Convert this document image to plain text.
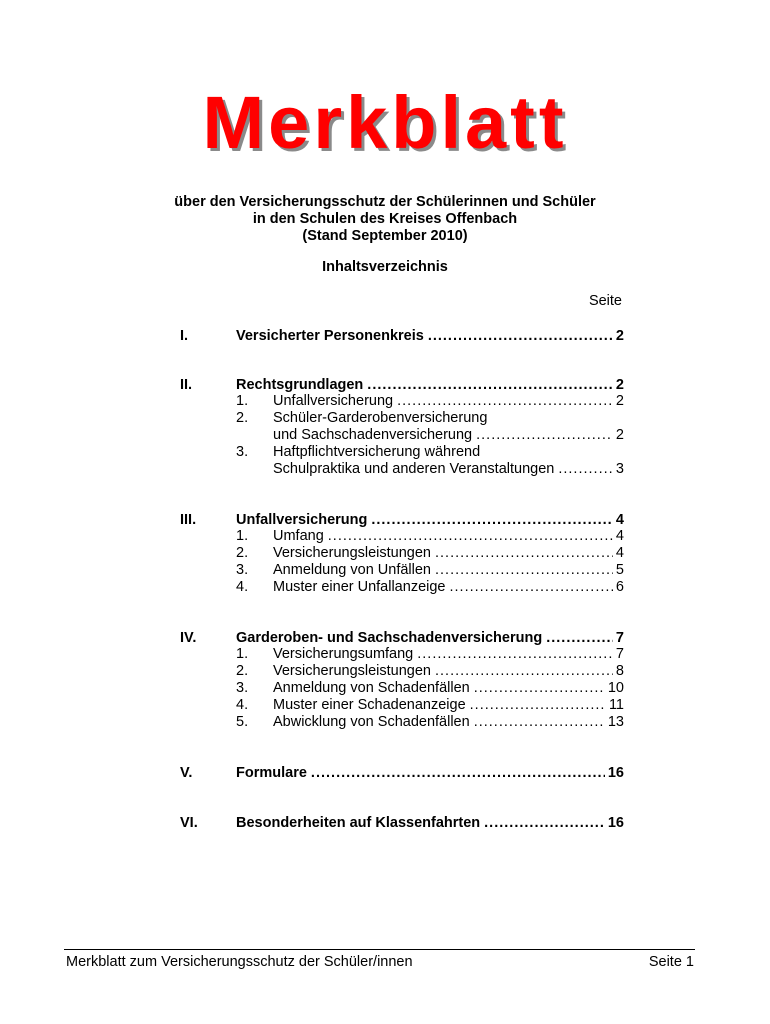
Merkblatt
über den Versicherungsschutz der Schülerinnen und Schüler
in den Schulen des Kreises Offenbach
(Stand September 2010)
Inhaltsverzeichnis
Seite
I.	Versicherter Personenkreis .....	2
II.	Rechtsgrundlagen .....	2
1.	Unfallversicherung .....	2
2.	Schüler-Garderobenversicherung
und Sachschadenversicherung .....	2
3.	Haftpflichtversicherung während
Schulpraktika und anderen Veranstaltungen .....	3
III.	Unfallversicherung .....	4
1.	Umfang .....	4
2.	Versicherungsleistungen .....	4
3.	Anmeldung von Unfällen .....	5
4.	Muster einer Unfallanzeige .....	6
IV.	Garderoben- und Sachschadenversicherung .....	7
1.	Versicherungsumfang .....	7
2.	Versicherungsleistungen .....	8
3.	Anmeldung von Schadenfällen .....	10
4.	Muster einer Schadenanzeige .....	11
5.	Abwicklung von Schadenfällen .....	13
V.	Formulare .....	16
VI.	Besonderheiten auf Klassenfahrten .....	16
Merkblatt zum Versicherungsschutz der Schüler/innen	Seite 1
